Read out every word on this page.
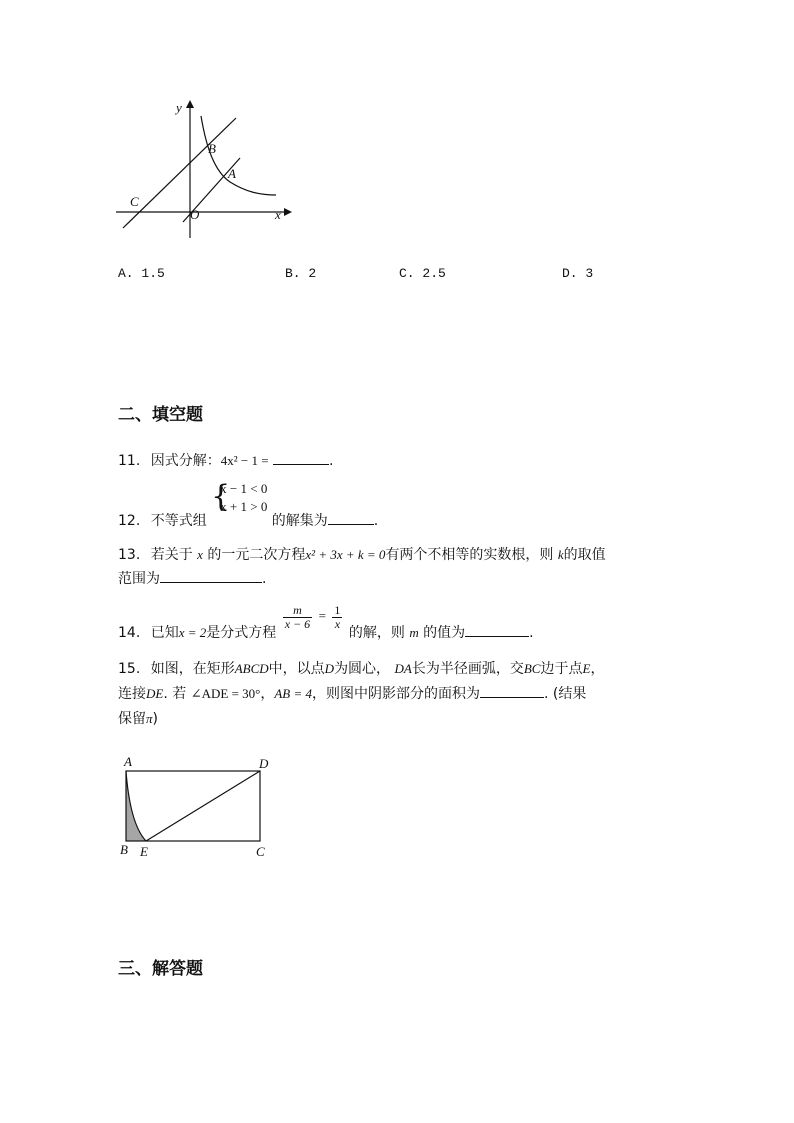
y
x
O
A
B
C
A. 1.5	B. 2	C. 2.5	D. 3
二、填空题
11. 因式分解：4x² − 1 =	.
12. 不等式组
{
x − 1 < 0
x + 1 > 0
的解集为	.
13. 若关于 x 的一元二次方程x² + 3x + k = 0有两个不相等的实数根，则 k的取值
范围为	.
14. 已知x = 2是分式方程
$\frac{m}{x - 6} = \frac{1}{x}$
的解，则 m 的值为	.
15. 如图，在矩形ABCD中，以点D为圆心， DA长为半径画弧，交BC边于点E，
连接DE. 若 ∠ADE = 30°，AB = 4，则图中阴影部分的面积为	. (结果
保留π)
A	D
B E	C
三、解答题
